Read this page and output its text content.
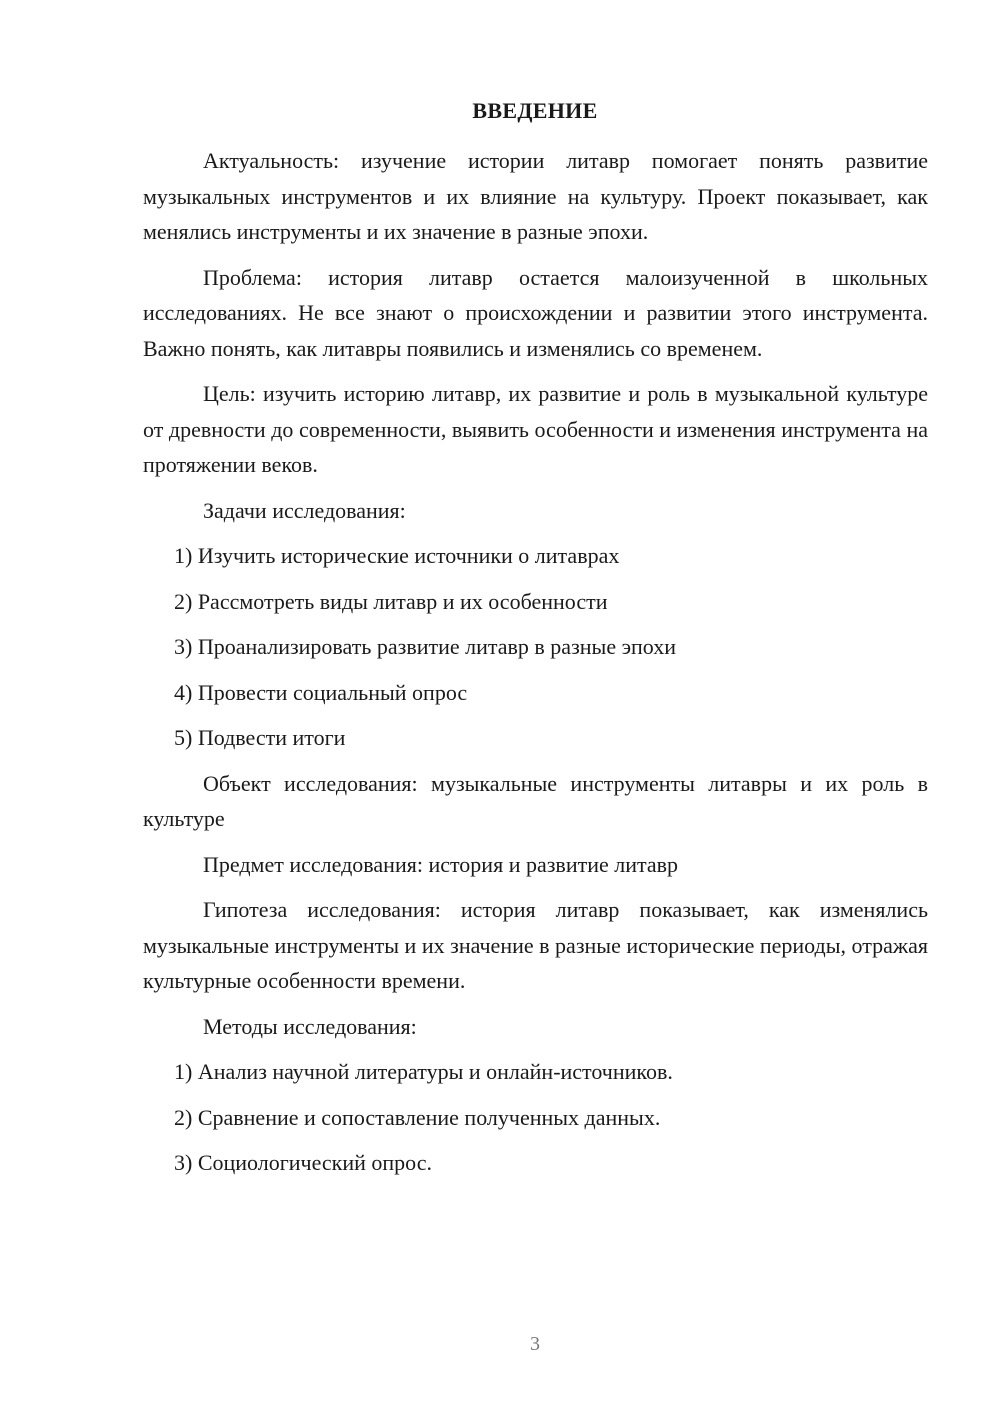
ВВЕДЕНИЕ

Актуальность: изучение истории литавр помогает понять развитие музыкальных инструментов и их влияние на культуру. Проект показывает, как менялись инструменты и их значение в разные эпохи.

Проблема: история литавр остается малоизученной в школьных исследованиях. Не все знают о происхождении и развитии этого инструмента. Важно понять, как литавры появились и изменялись со временем.

Цель: изучить историю литавр, их развитие и роль в музыкальной культуре от древности до современности, выявить особенности и изменения инструмента на протяжении веков.

Задачи исследования:

1) Изучить исторические источники о литаврах
2) Рассмотреть виды литавр и их особенности
3) Проанализировать развитие литавр в разные эпохи
4) Провести социальный опрос
5) Подвести итоги

Объект исследования: музыкальные инструменты литавры и их роль в культуре

Предмет исследования: история и развитие литавр

Гипотеза исследования: история литавр показывает, как изменялись музыкальные инструменты и их значение в разные исторические периоды, отражая культурные особенности времени.

Методы исследования:

1) Анализ научной литературы и онлайн-источников.
2) Сравнение и сопоставление полученных данных.
3) Социологический опрос.
3
